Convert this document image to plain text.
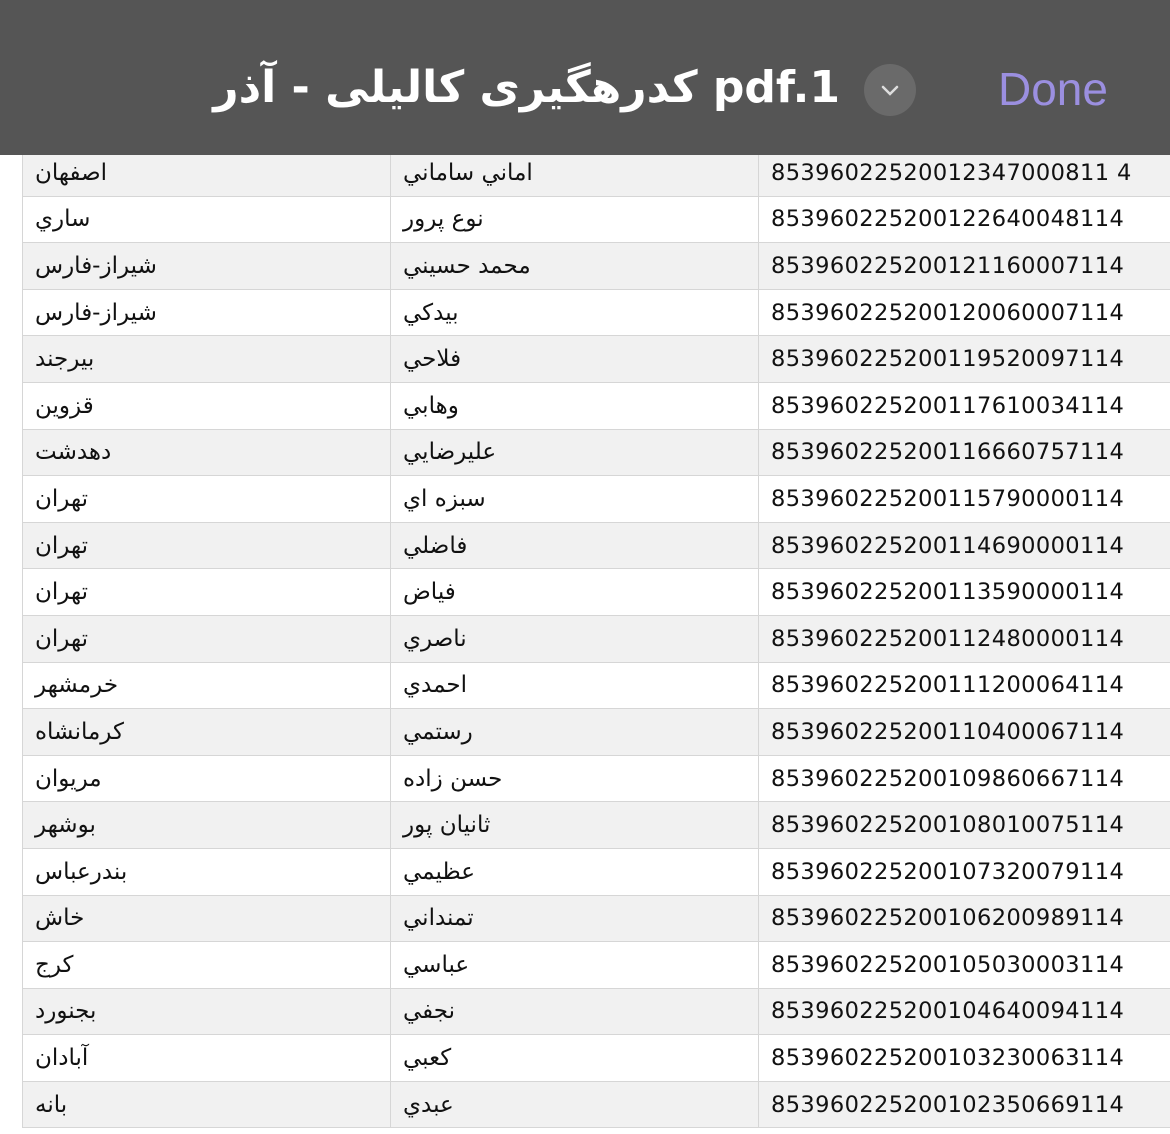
کدرهگیری کالیلی - آذر pdf.1	Done
اصفهان	اماني ساماني	85396022520012347000811 4
ساري	نوع پرور	853960225200122640048114
شيراز-فارس	محمد حسيني	853960225200121160007114
شيراز-فارس	بيدكي	853960225200120060007114
بيرجند	فلاحي	853960225200119520097114
قزوين	وهابي	853960225200117610034114
دهدشت	عليرضايي	853960225200116660757114
تهران	سبزه اي	853960225200115790000114
تهران	فاضلي	853960225200114690000114
تهران	فياض	853960225200113590000114
تهران	ناصري	853960225200112480000114
خرمشهر	احمدي	853960225200111200064114
كرمانشاه	رستمي	853960225200110400067114
مريوان	حسن زاده	853960225200109860667114
بوشهر	ثانيان پور	853960225200108010075114
بندرعباس	عظيمي	853960225200107320079114
خاش	تمنداني	853960225200106200989114
كرج	عباسي	853960225200105030003114
بجنورد	نجفي	853960225200104640094114
آبادان	كعبي	853960225200103230063114
بانه	عبدي	853960225200102350669114
